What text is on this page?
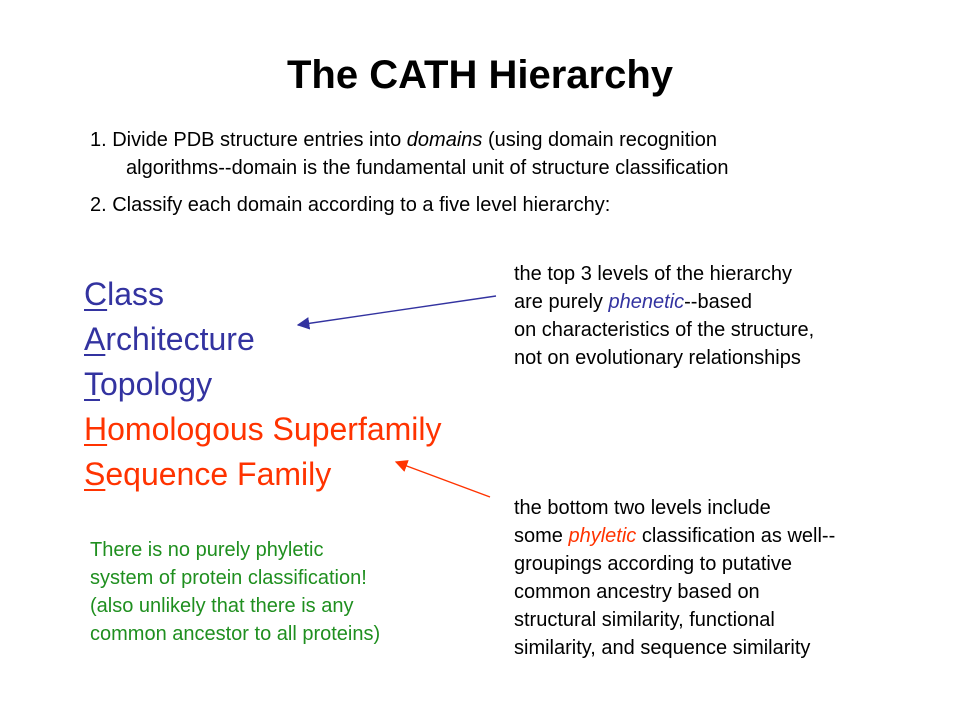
The CATH Hierarchy

1. Divide PDB structure entries into domains (using domain recognition

algorithms--domain is the fundamental unit of structure classification

2. Classify each domain according to a five level hierarchy:

Class
Architecture
Topology
Homologous Superfamily
Sequence Family

the top 3 levels of the hierarchy

are purely phenetic--based

on characteristics of the structure,

not on evolutionary relationships

the bottom two levels include

some phyletic classification as well--

groupings according to putative

common ancestry based on

structural similarity, functional

similarity, and sequence similarity

There is no purely phyletic

system of protein classification!

(also unlikely that there is any

common ancestor to all proteins)
